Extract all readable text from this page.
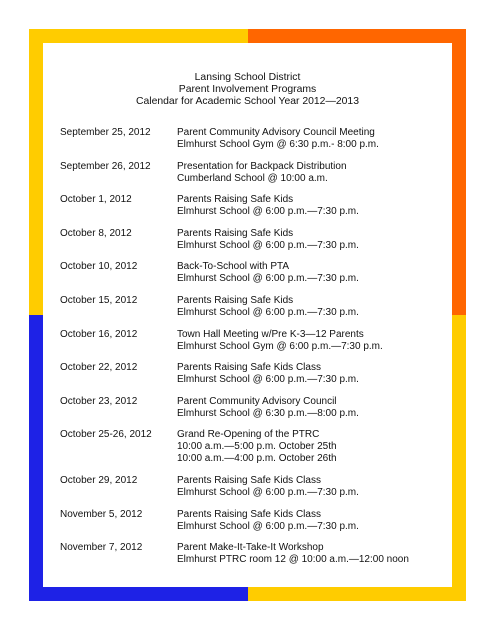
Lansing School District
Parent Involvement Programs
Calendar for Academic School Year 2012—2013
September 25, 2012	Parent Community Advisory Council Meeting
Elmhurst School Gym @ 6:30 p.m.- 8:00 p.m.
September 26, 2012	Presentation for Backpack Distribution
Cumberland School @ 10:00 a.m.
October 1, 2012	Parents Raising Safe Kids
Elmhurst School @ 6:00 p.m.—7:30 p.m.
October 8, 2012	Parents Raising Safe Kids
Elmhurst School @ 6:00 p.m.—7:30 p.m.
October 10, 2012	Back-To-School with PTA
Elmhurst School @ 6:00 p.m.—7:30 p.m.
October 15, 2012	Parents Raising Safe Kids
Elmhurst School @ 6:00 p.m.—7:30 p.m.
October 16, 2012	Town Hall Meeting w/Pre K-3—12 Parents
Elmhurst School Gym @ 6:00 p.m.—7:30 p.m.
October 22, 2012	Parents Raising Safe Kids Class
Elmhurst School @ 6:00 p.m.—7:30 p.m.
October 23, 2012	Parent Community Advisory Council
Elmhurst School @ 6:30 p.m.—8:00 p.m.
October 25-26, 2012	Grand Re-Opening of the PTRC
10:00 a.m.—5:00 p.m. October 25th
10:00 a.m.—4:00 p.m. October 26th
October 29, 2012	Parents Raising Safe Kids Class
Elmhurst School @ 6:00 p.m.—7:30 p.m.
November 5, 2012	Parents Raising Safe Kids Class
Elmhurst School @ 6:00 p.m.—7:30 p.m.
November 7, 2012	Parent Make-It-Take-It Workshop
Elmhurst PTRC room 12 @ 10:00 a.m.—12:00 noon
